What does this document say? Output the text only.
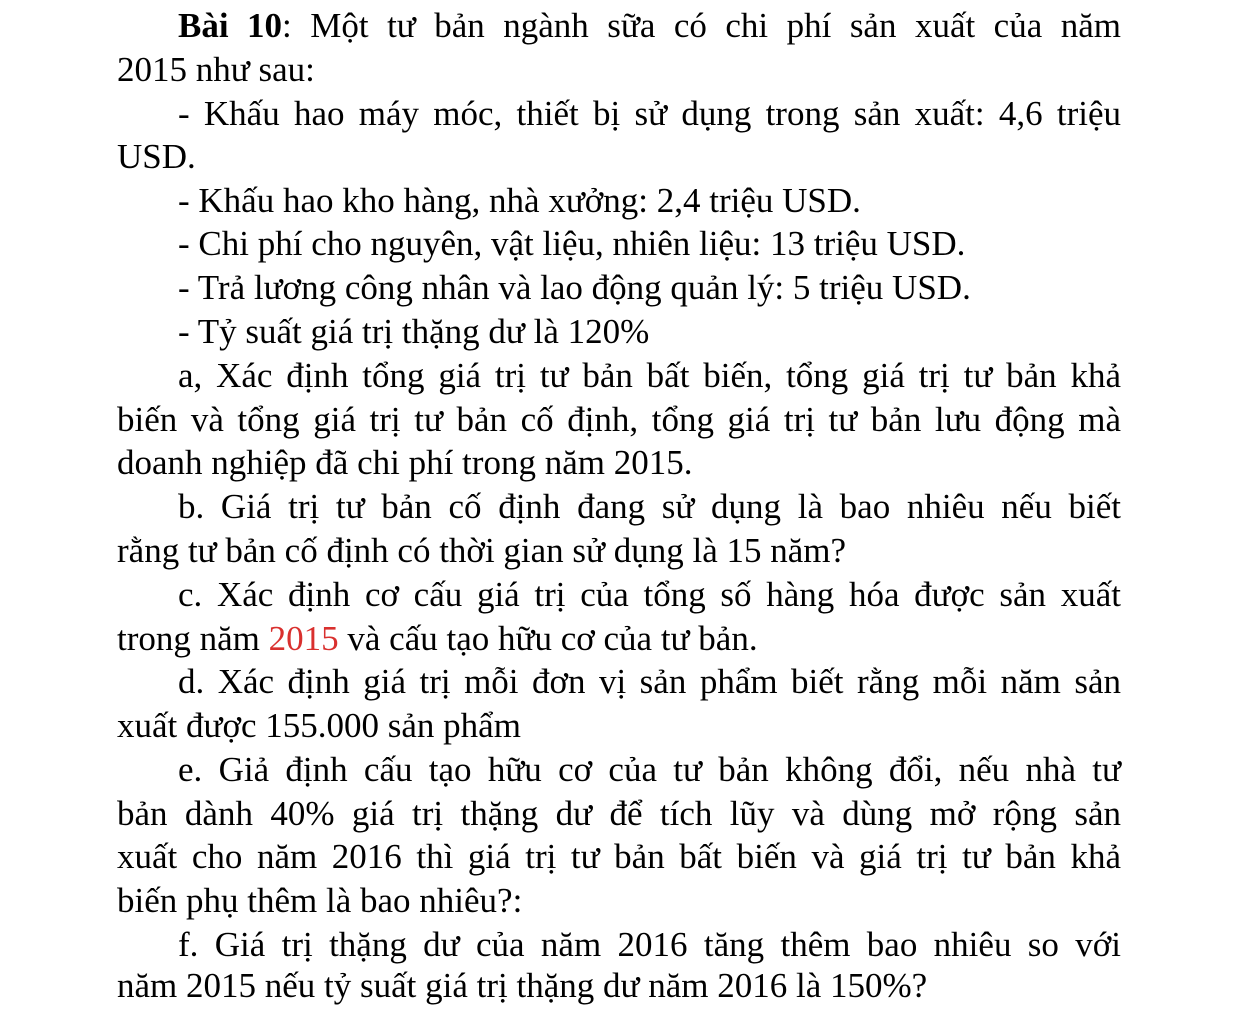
Bài 10: Một tư bản ngành sữa có chi phí sản xuất của năm
2015 như sau:
- Khấu hao máy móc, thiết bị sử dụng trong sản xuất: 4,6 triệu
USD.
- Khấu hao kho hàng, nhà xưởng: 2,4 triệu USD.
- Chi phí cho nguyên, vật liệu, nhiên liệu: 13 triệu USD.
- Trả lương công nhân và lao động quản lý: 5 triệu USD.
- Tỷ suất giá trị thặng dư là 120%
a, Xác định tổng giá trị tư bản bất biến, tổng giá trị tư bản khả
biến và tổng giá trị tư bản cố định, tổng giá trị tư bản lưu động mà
doanh nghiệp đã chi phí trong năm 2015.
b. Giá trị tư bản cố định đang sử dụng là bao nhiêu nếu biết
rằng tư bản cố định có thời gian sử dụng là 15 năm?
c. Xác định cơ cấu giá trị của tổng số hàng hóa được sản xuất
trong năm 2015 và cấu tạo hữu cơ của tư bản.
d. Xác định giá trị mỗi đơn vị sản phẩm biết rằng mỗi năm sản
xuất được 155.000 sản phẩm
e. Giả định cấu tạo hữu cơ của tư bản không đổi, nếu nhà tư
bản dành 40% giá trị thặng dư để tích lũy và dùng mở rộng sản
xuất cho năm 2016 thì giá trị tư bản bất biến và giá trị tư bản khả
biến phụ thêm là bao nhiêu?:
f. Giá trị thặng dư của năm 2016 tăng thêm bao nhiêu so với
năm 2015 nếu tỷ suất giá trị thặng dư năm 2016 là 150%?
